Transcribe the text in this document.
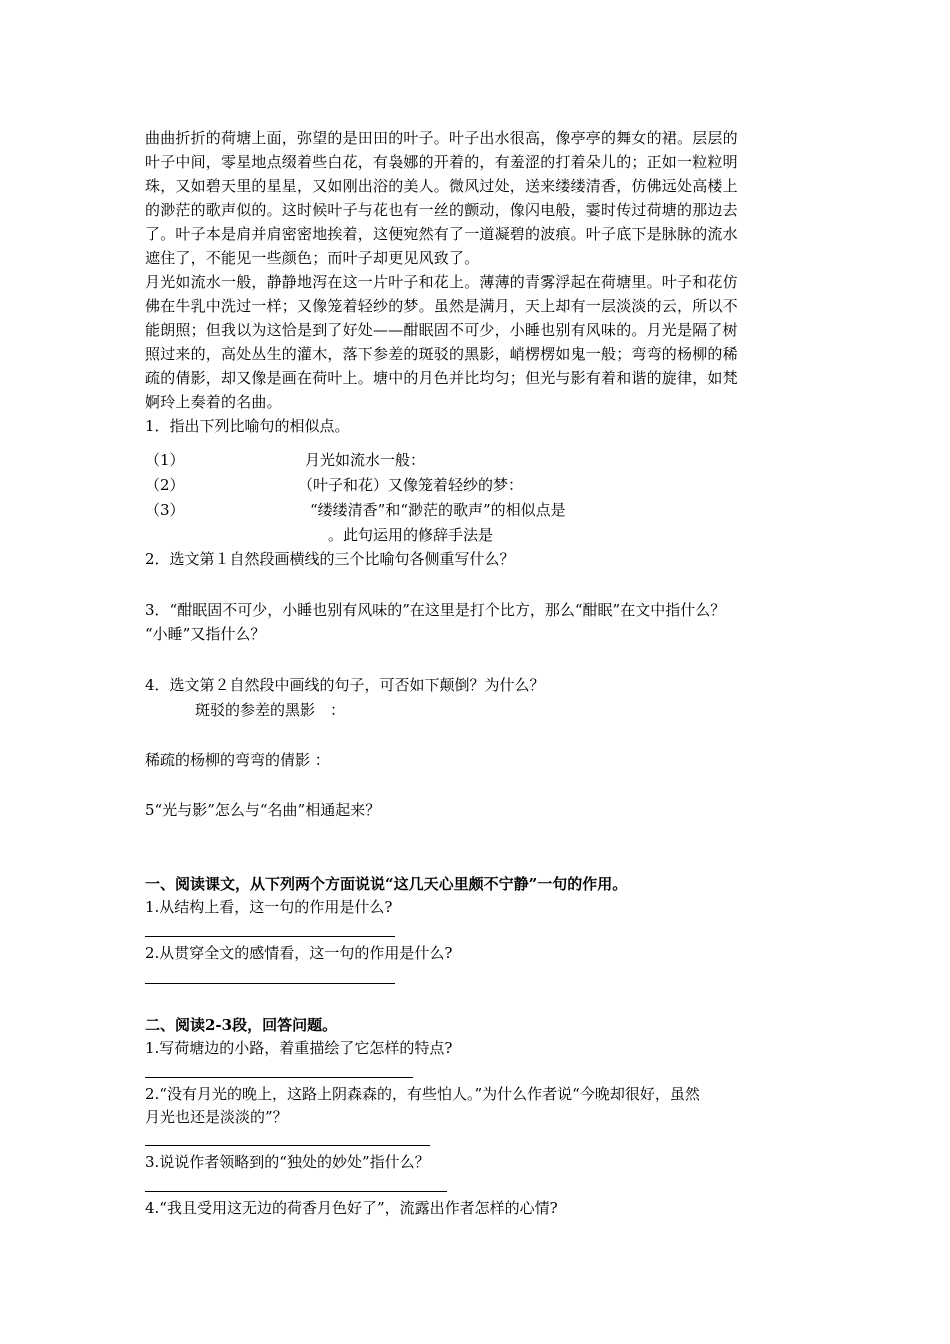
曲曲折折的荷塘上面，弥望的是田田的叶子。叶子出水很高，像亭亭的舞女的裙。层层的
叶子中间，零星地点缀着些白花，有袅娜的开着的，有羞涩的打着朵儿的；正如一粒粒明
珠，又如碧天里的星星，又如刚出浴的美人。微风过处，送来缕缕清香，仿佛远处高楼上
的渺茫的歌声似的。这时候叶子与花也有一丝的颤动，像闪电般，霎时传过荷塘的那边去
了。叶子本是肩并肩密密地挨着，这便宛然有了一道凝碧的波痕。叶子底下是脉脉的流水
遮住了，不能见一些颜色；而叶子却更见风致了。
月光如流水一般，静静地泻在这一片叶子和花上。薄薄的青雾浮起在荷塘里。叶子和花仿
佛在牛乳中洗过一样；又像笼着轻纱的梦。虽然是满月，天上却有一层淡淡的云，所以不
能朗照；但我以为这恰是到了好处——酣眠固不可少，小睡也别有风味的。月光是隔了树
照过来的，高处丛生的灌木，落下参差的斑驳的黑影，峭楞楞如鬼一般；弯弯的杨柳的稀
疏的倩影，却又像是画在荷叶上。塘中的月色并比均匀；但光与影有着和谐的旋律，如梵
婀玲上奏着的名曲。
1．指出下列比喻句的相似点。
（1）	月光如流水一般：
（2）	（叶子和花）又像笼着轻纱的梦：
（3）	“缕缕清香”和“渺茫的歌声”的相似点是
。此句运用的修辞手法是
2．选文第１自然段画横线的三个比喻句各侧重写什么？
3．“酣眠固不可少，小睡也别有风味的”在这里是打个比方，那么“酣眠”在文中指什么？
“小睡”又指什么？
4．选文第２自然段中画线的句子，可否如下颠倒？为什么？
斑驳的参差的黑影　：
稀疏的杨柳的弯弯的倩影 ：
5“光与影”怎么与“名曲”相通起来？
一、阅读课文，从下列两个方面说说“这几天心里颇不宁静”一句的作用。
1.从结构上看，这一句的作用是什么?
2.从贯穿全文的感情看，这一句的作用是什么?
二、阅读2-3段，回答问题。
1.写荷塘边的小路，着重描绘了它怎样的特点?
2.“没有月光的晚上，这路上阴森森的，有些怕人。”为什么作者说“今晚却很好，虽然
月光也还是淡淡的”？
3.说说作者领略到的“独处的妙处”指什么？
4.“我且受用这无边的荷香月色好了”，流露出作者怎样的心情?
